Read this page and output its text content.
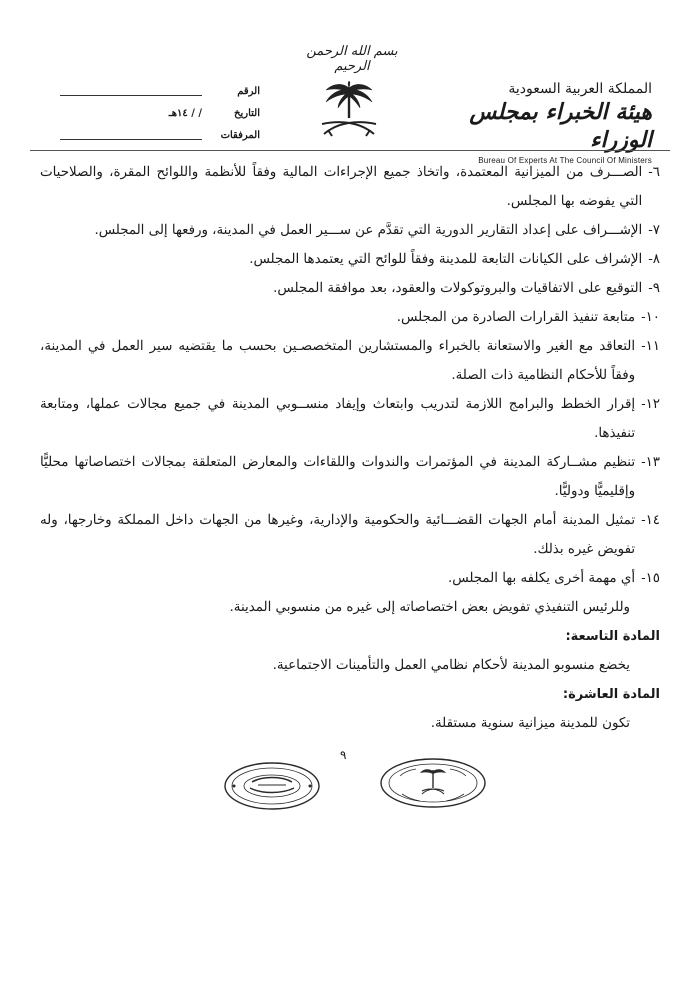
بسم الله الرحمن الرحيم
المملكة العربية السعودية
هيئة الخبراء بمجلس الوزراء
Bureau Of Experts At The Council Of Ministers
الرقم
التاريخ
/ / ١٤هـ
المرفقات
٦-
الصـــرف من الميزانية المعتمدة، واتخاذ جميع الإجراءات المالية وفقاً للأنظمة واللوائح المقرة، والصلاحيات التي يفوضه بها المجلس.
٧-
الإشـــراف على إعداد التقارير الدورية التي تقدَّم عن ســـير العمل في المدينة، ورفعها إلى المجلس.
٨-
الإشراف على الكيانات التابعة للمدينة وفقاً للوائح التي يعتمدها المجلس.
٩-
التوقيع على الاتفاقيات والبروتوكولات والعقود، بعد موافقة المجلس.
١٠-
متابعة تنفيذ القرارات الصادرة من المجلس.
١١-
التعاقد مع الغير والاستعانة بالخبراء والمستشارين المتخصصـين بحسب ما يقتضيه سير العمل في المدينة، وفقاً للأحكام النظامية ذات الصلة.
١٢-
إقرار الخطط والبرامج اللازمة لتدريب وابتعاث وإيفاد منســوبي المدينة في جميع مجالات عملها، ومتابعة تنفيذها.
١٣-
تنظيم مشــاركة المدينة في المؤتمرات والندوات واللقاءات والمعارض المتعلقة بمجالات اختصاصاتها محليًّا وإقليميًّا ودوليًّا.
١٤-
تمثيل المدينة أمام الجهات القضـــائية والحكومية والإدارية، وغيرها من الجهات داخل المملكة وخارجها، وله تفويض غيره بذلك.
١٥-
أي مهمة أخرى يكلفه بها المجلس.
وللرئيس التنفيذي تفويض بعض اختصاصاته إلى غيره من منسوبي المدينة.
المادة التاسعة:
يخضع منسوبو المدينة لأحكام نظامي العمل والتأمينات الاجتماعية.
المادة العاشرة:
تكون للمدينة ميزانية سنوية مستقلة.
٩
